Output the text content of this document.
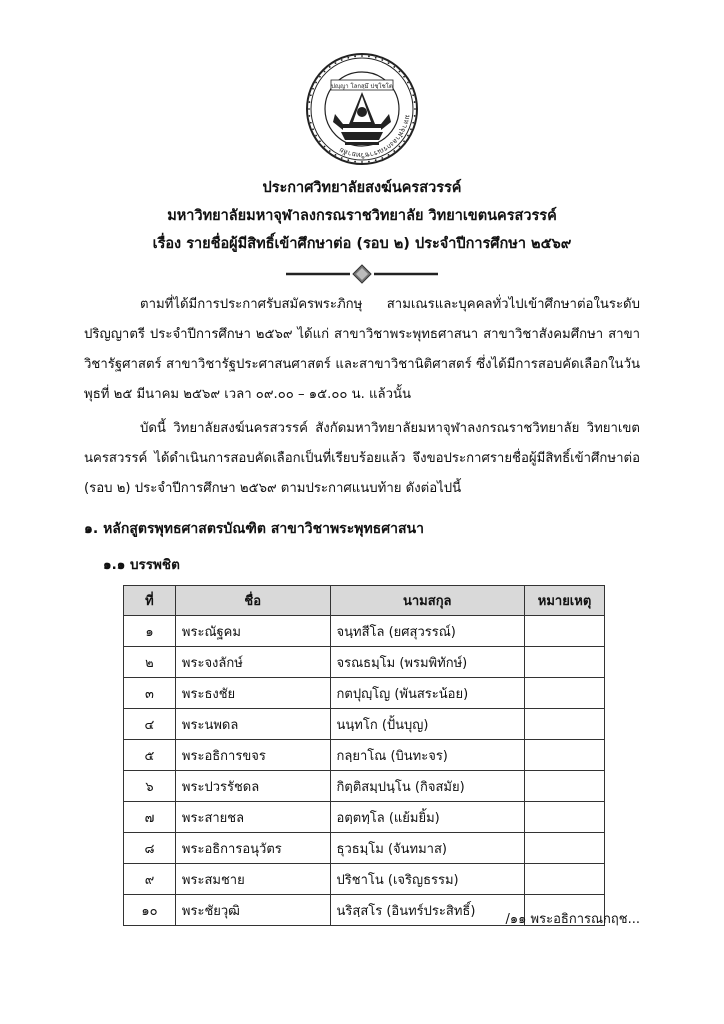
มหาจุฬาลงกรณราชวิทยาลัย
ปญฺญา โลกสฺมึ ปชฺโชโต
ประกาศวิทยาลัยสงฆ์นครสวรรค์
มหาวิทยาลัยมหาจุฬาลงกรณราชวิทยาลัย วิทยาเขตนครสวรรค์
เรื่อง รายชื่อผู้มีสิทธิ์เข้าศึกษาต่อ (รอบ ๒) ประจำปีการศึกษา ๒๕๖๙
ตามที่ได้มีการประกาศรับสมัครพระภิกษุ สามเณรและบุคคลทั่วไปเข้าศึกษาต่อในระดับปริญญาตรี ประจำปีการศึกษา ๒๕๖๙ ได้แก่ สาขาวิชาพระพุทธศาสนา สาขาวิชาสังคมศึกษา สาขาวิชารัฐศาสตร์ สาขาวิชารัฐประศาสนศาสตร์ และสาขาวิชานิติศาสตร์ ซึ่งได้มีการสอบคัดเลือกในวัน พุธที่ ๒๕ มีนาคม ๒๕๖๙ เวลา ๐๙.๐๐ – ๑๕.๐๐ น. แล้วนั้น
บัดนี้ วิทยาลัยสงฆ์นครสวรรค์ สังกัดมหาวิทยาลัยมหาจุฬาลงกรณราชวิทยาลัย วิทยาเขตนครสวรรค์ ได้ดำเนินการสอบคัดเลือกเป็นที่เรียบร้อยแล้ว จึงขอประกาศรายชื่อผู้มีสิทธิ์เข้าศึกษาต่อ (รอบ ๒) ประจำปีการศึกษา ๒๕๖๙ ตามประกาศแนบท้าย ดังต่อไปนี้
๑. หลักสูตรพุทธศาสตรบัณฑิต สาขาวิชาพระพุทธศาสนา
๑.๑ บรรพชิต
ที่	ชื่อ	นามสกุล	หมายเหตุ
๑	พระณัฐคม	จนฺทสีโล (ยศสุวรรณ์)	
๒	พระจงลักษ์	จรณธมฺโม (พรมพิทักษ์)	
๓	พระธงชัย	กตปุญฺโญ (พันสระน้อย)	
๔	พระนพดล	นนฺทโก (ปั้นบุญ)	
๕	พระอธิการขจร	กลฺยาโณ (บินทะจร)	
๖	พระปวรรัชดล	กิตฺติสมฺปนฺโน (กิจสมัย)	
๗	พระสายชล	อตฺตทฺโล (แย้มยิ้ม)	
๘	พระอธิการอนุวัตร	ธุวธมฺโม (จันทมาส)	
๙	พระสมชาย	ปริชาโน (เจริญธรรม)	
๑๐	พระชัยวุฒิ	นริสฺสโร (อินทร์ประสิทธิ์)	
/๑๑ พระอธิการณกฤช...
